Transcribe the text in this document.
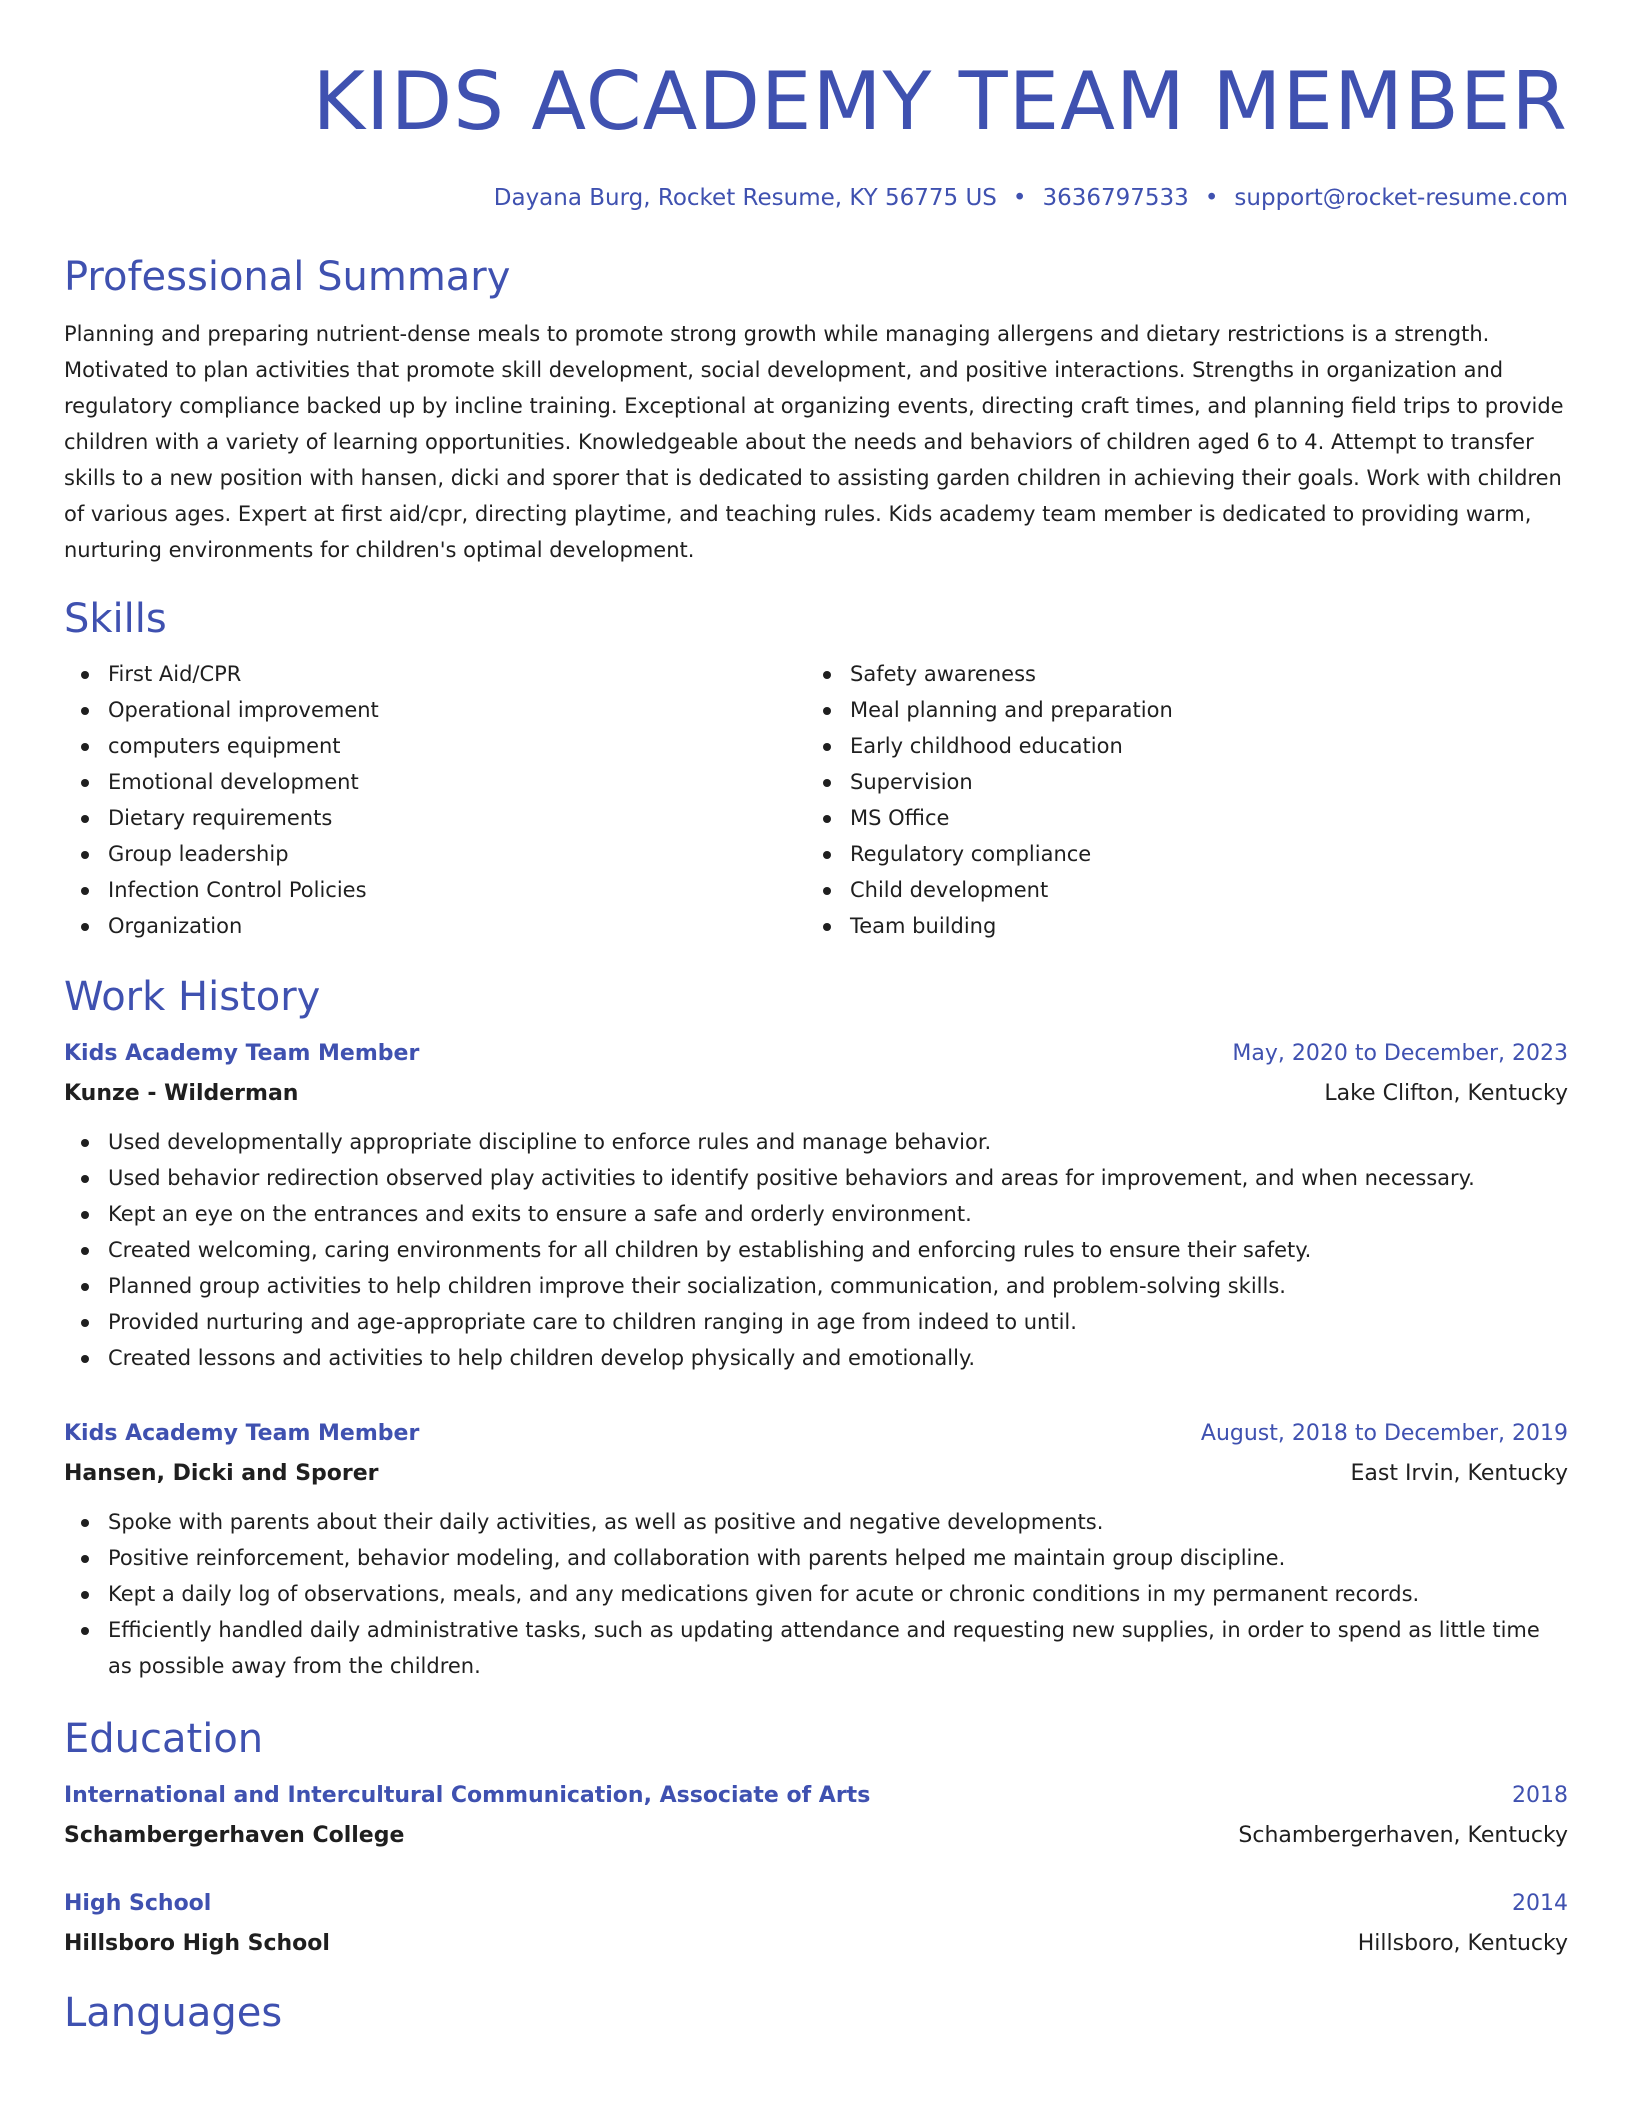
KIDS ACADEMY TEAM MEMBER
Dayana Burg, Rocket Resume, KY 56775 US • 3636797533 • support@rocket-resume.com
Professional Summary

Planning and preparing nutrient-dense meals to promote strong growth while managing allergens and dietary restrictions is a strength. Motivated to plan activities that promote skill development, social development, and positive interactions. Strengths in organization and regulatory compliance backed up by incline training. Exceptional at organizing events, directing craft times, and planning field trips to provide children with a variety of learning opportunities. Knowledgeable about the needs and behaviors of children aged 6 to 4. Attempt to transfer skills to a new position with hansen, dicki and sporer that is dedicated to assisting garden children in achieving their goals. Work with children of various ages. Expert at first aid/cpr, directing playtime, and teaching rules. Kids academy team member is dedicated to providing warm, nurturing environments for children's optimal development.

Skills
First Aid/CPR
Operational improvement
computers equipment
Emotional development
Dietary requirements
Group leadership
Infection Control Policies
Organization
Safety awareness
Meal planning and preparation
Early childhood education
Supervision
MS Office
Regulatory compliance
Child development
Team building
Work History
Kids Academy Team Member	May, 2020 to December, 2023
Kunze - Wilderman	Lake Clifton, Kentucky
Used developmentally appropriate discipline to enforce rules and manage behavior.
Used behavior redirection observed play activities to identify positive behaviors and areas for improvement, and when necessary.
Kept an eye on the entrances and exits to ensure a safe and orderly environment.
Created welcoming, caring environments for all children by establishing and enforcing rules to ensure their safety.
Planned group activities to help children improve their socialization, communication, and problem-solving skills.
Provided nurturing and age-appropriate care to children ranging in age from indeed to until.
Created lessons and activities to help children develop physically and emotionally.
Kids Academy Team Member	August, 2018 to December, 2019
Hansen, Dicki and Sporer	East Irvin, Kentucky
Spoke with parents about their daily activities, as well as positive and negative developments.
Positive reinforcement, behavior modeling, and collaboration with parents helped me maintain group discipline.
Kept a daily log of observations, meals, and any medications given for acute or chronic conditions in my permanent records.
Efficiently handled daily administrative tasks, such as updating attendance and requesting new supplies, in order to spend as little time as possible away from the children.
Education
International and Intercultural Communication, Associate of Arts	2018
Schambergerhaven College	Schambergerhaven, Kentucky
High School	2014
Hillsboro High School	Hillsboro, Kentucky
Languages
